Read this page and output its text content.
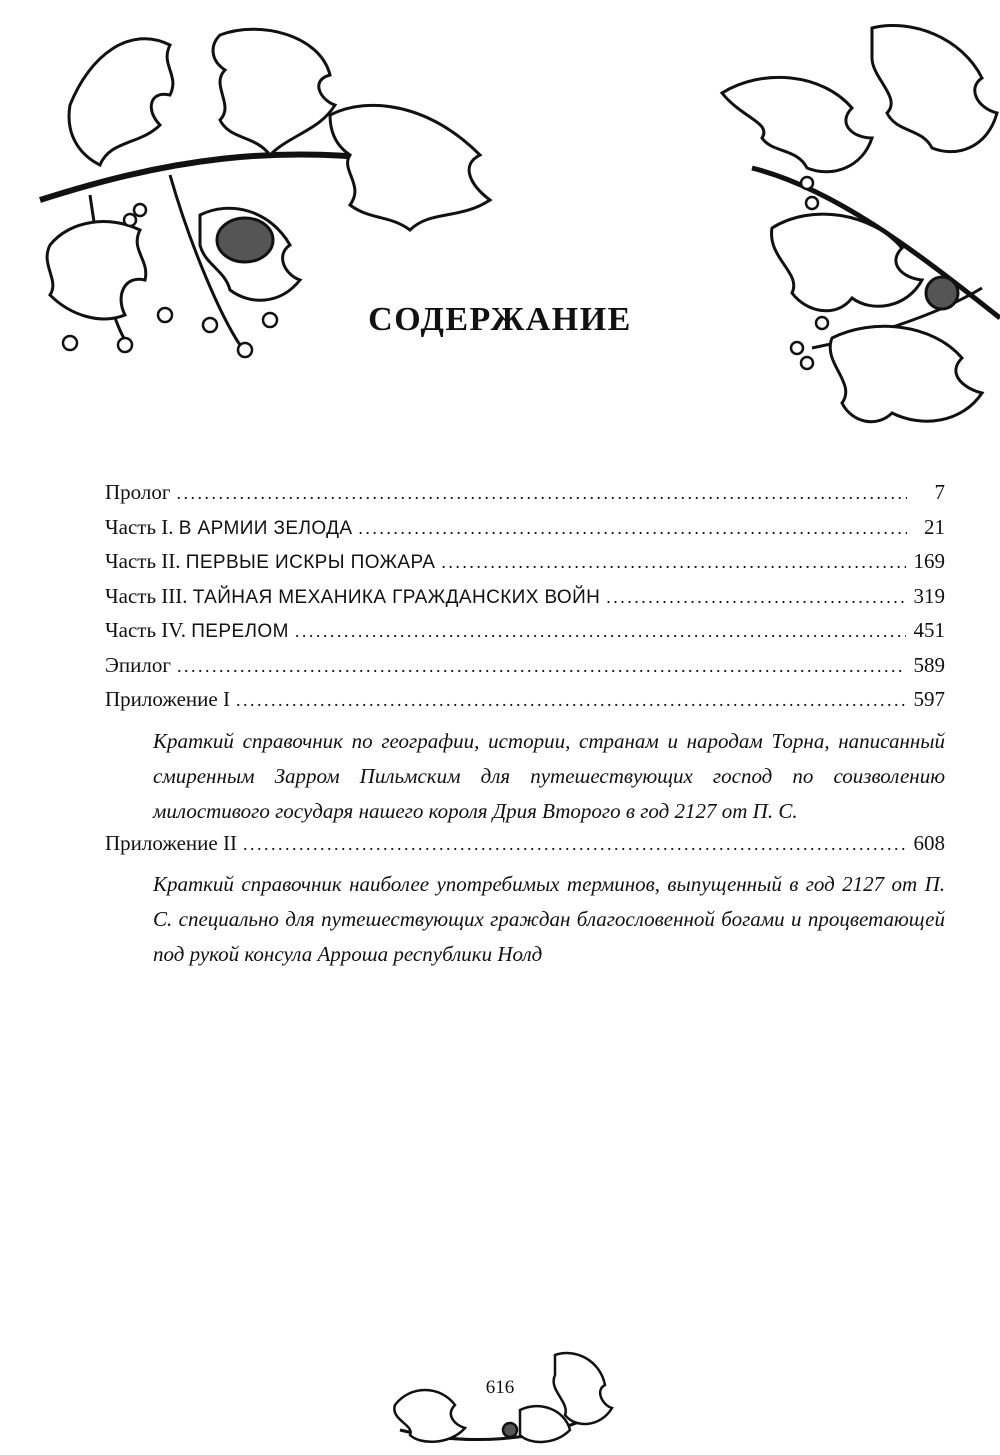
СОДЕРЖАНИЕ
Пролог . . .	7
Часть I. В АРМИИ ЗЕЛОДА . . .	21
Часть II. ПЕРВЫЕ ИСКРЫ ПОЖАРА . . .	169
Часть III. ТАЙНАЯ МЕХАНИКА ГРАЖДАНСКИХ ВОЙН . . .	319
Часть IV. ПЕРЕЛОМ . . .	451
Эпилог . . .	589
Приложение I . . .	597
Краткий справочник по географии, истории, странам и народам Торна, написанный смиренным Зарром Пильмским для путешествующих господ по соизволению милостивого государя нашего короля Дрия Второго в год 2127 от П. С.
Приложение II . . .	608
Краткий справочник наиболее употребимых терминов, выпущенный в год 2127 от П. С. специально для путешествующих граждан благословенной богами и процветающей под рукой консула Арроша республики Нолд
616
